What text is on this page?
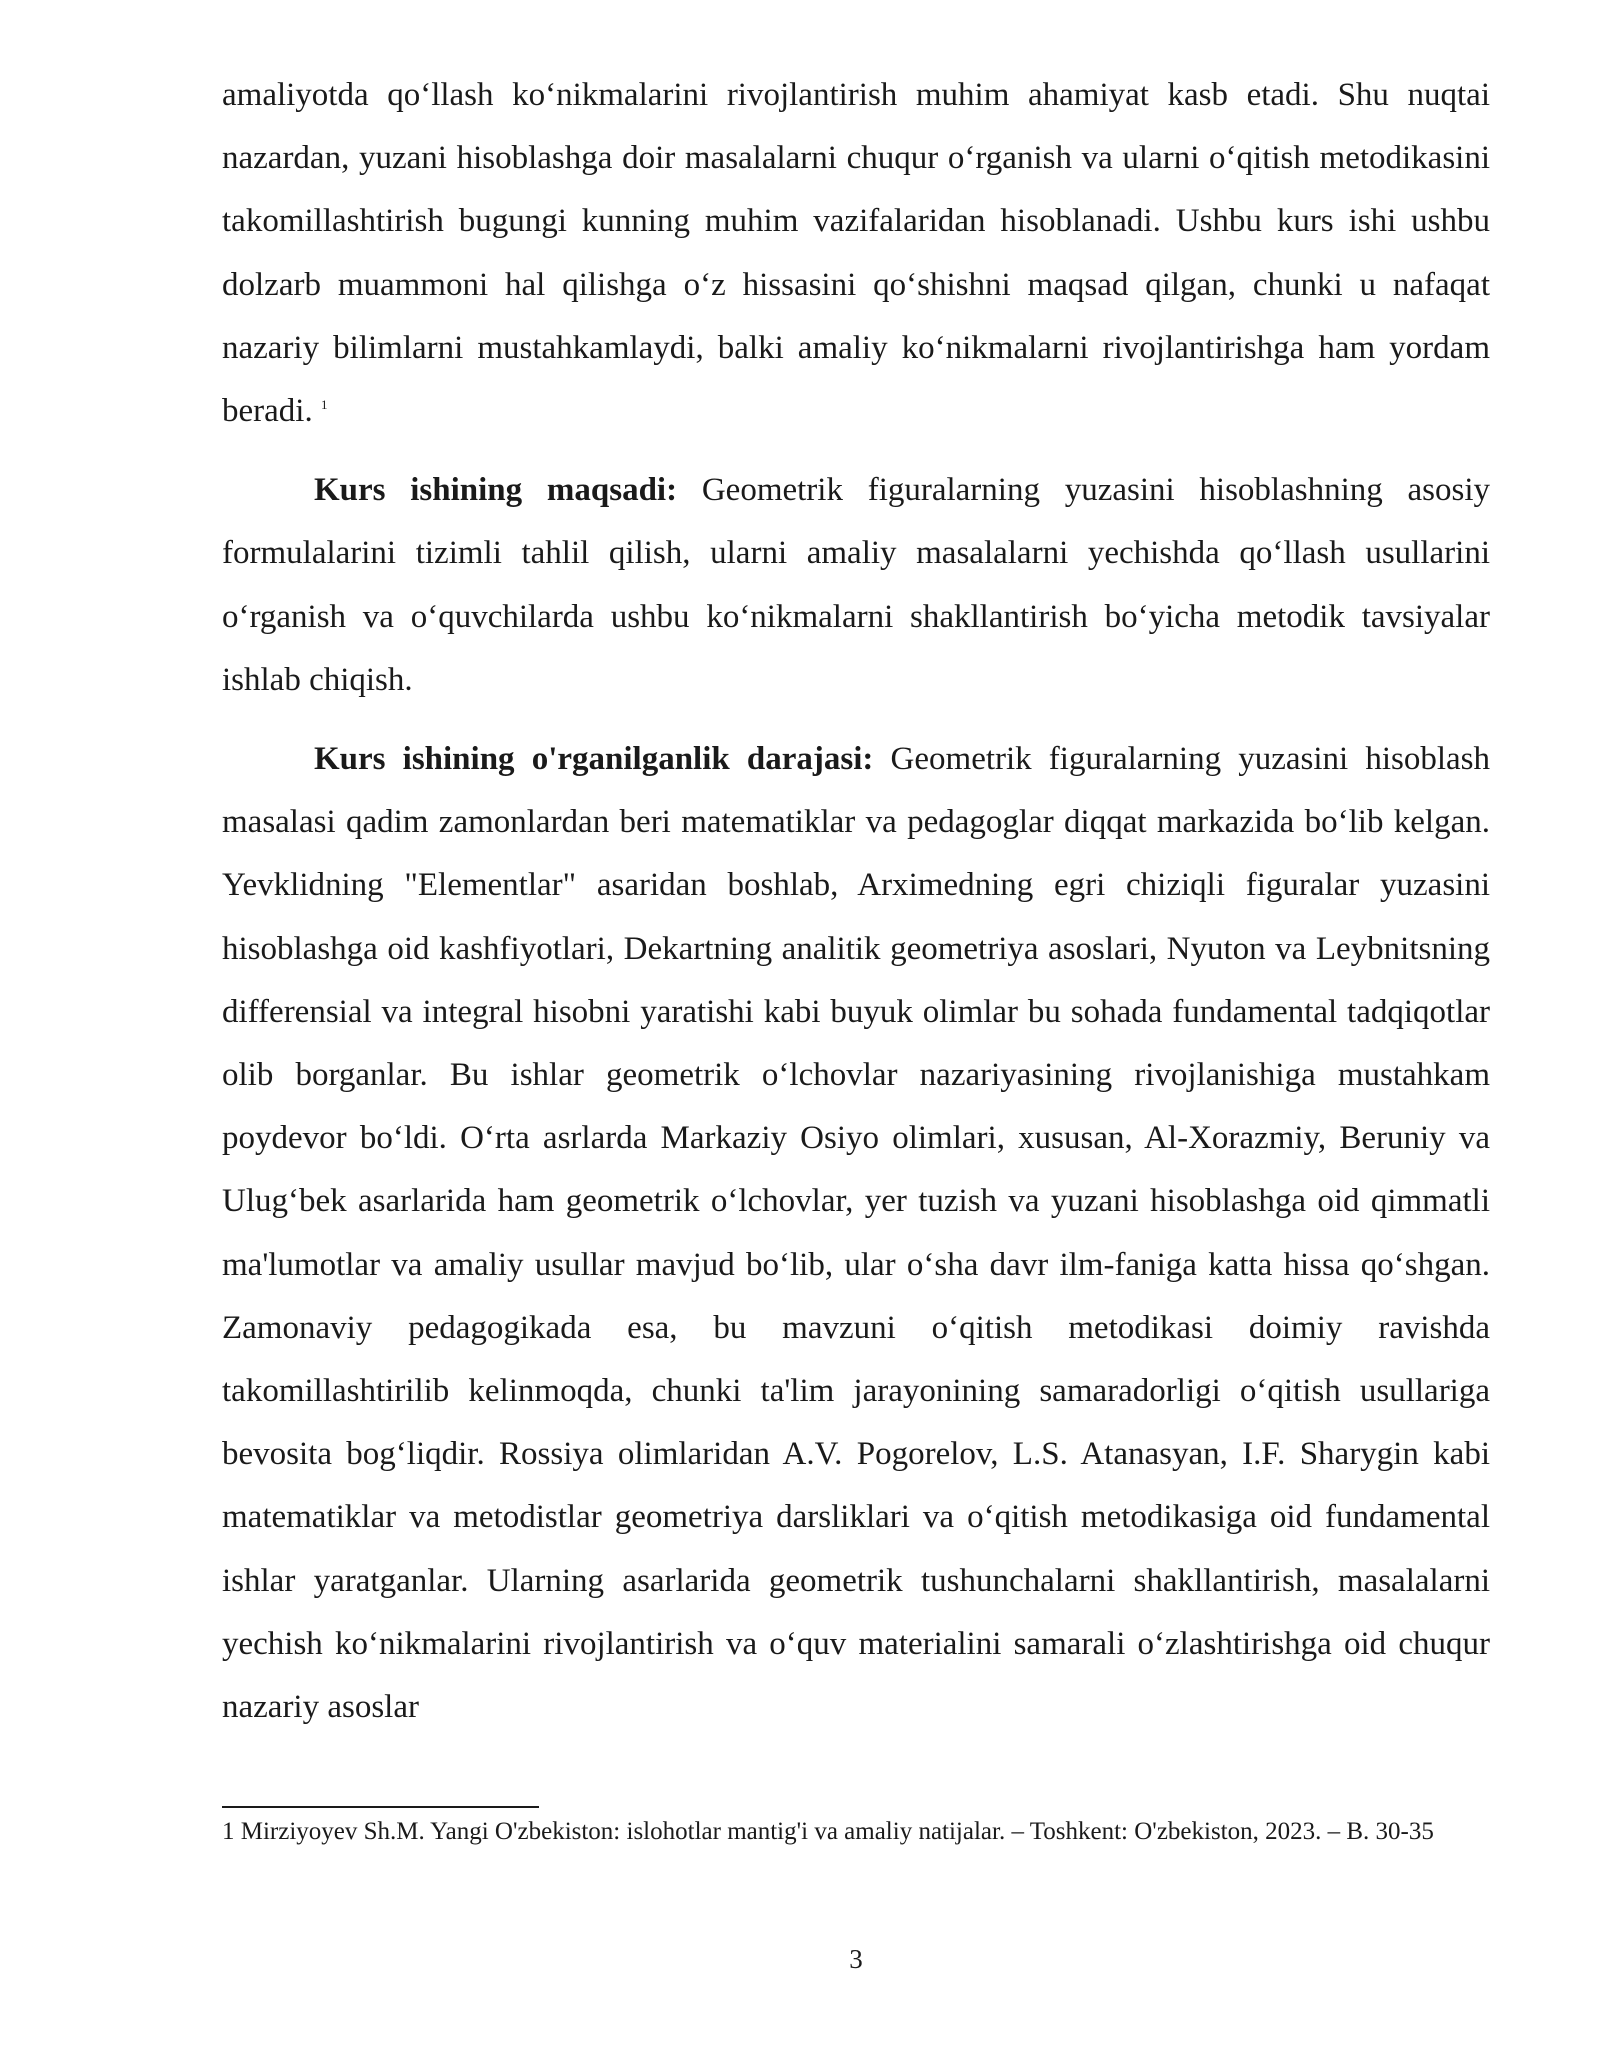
amaliyotda qo‘llash ko‘nikmalarini rivojlantirish muhim ahamiyat kasb etadi. Shu nuqtai nazardan, yuzani hisoblashga doir masalalarni chuqur o‘rganish va ularni o‘qitish metodikasini takomillashtirish bugungi kunning muhim vazifalaridan hisoblanadi. Ushbu kurs ishi ushbu dolzarb muammoni hal qilishga o‘z hissasini qo‘shishni maqsad qilgan, chunki u nafaqat nazariy bilimlarni mustahkamlaydi, balki amaliy ko‘nikmalarni rivojlantirishga ham yordam beradi. $^1$

Kurs ishining maqsadi: Geometrik figuralarning yuzasini hisoblashning asosiy formulalarini tizimli tahlil qilish, ularni amaliy masalalarni yechishda qo‘llash usullarini o‘rganish va o‘quvchilarda ushbu ko‘nikmalarni shakllantirish bo‘yicha metodik tavsiyalar ishlab chiqish.

Kurs ishining o'rganilganlik darajasi: Geometrik figuralarning yuzasini hisoblash masalasi qadim zamonlardan beri matematiklar va pedagoglar diqqat markazida bo‘lib kelgan. Yevklidning "Elementlar" asaridan boshlab, Arximedning egri chiziqli figuralar yuzasini hisoblashga oid kashfiyotlari, Dekartning analitik geometriya asoslari, Nyuton va Leybnitsning differensial va integral hisobni yaratishi kabi buyuk olimlar bu sohada fundamental tadqiqotlar olib borganlar. Bu ishlar geometrik o‘lchovlar nazariyasining rivojlanishiga mustahkam poydevor bo‘ldi. O‘rta asrlarda Markaziy Osiyo olimlari, xususan, Al-Xorazmiy, Beruniy va Ulug‘bek asarlarida ham geometrik o‘lchovlar, yer tuzish va yuzani hisoblashga oid qimmatli ma'lumotlar va amaliy usullar mavjud bo‘lib, ular o‘sha davr ilm-faniga katta hissa qo‘shgan. Zamonaviy pedagogikada esa, bu mavzuni o‘qitish metodikasi doimiy ravishda takomillashtirilib kelinmoqda, chunki ta'lim jarayonining samaradorligi o‘qitish usullariga bevosita bog‘liqdir. Rossiya olimlaridan A.V. Pogorelov, L.S. Atanasyan, I.F. Sharygin kabi matematiklar va metodistlar geometriya darsliklari va o‘qitish metodikasiga oid fundamental ishlar yaratganlar. Ularning asarlarida geometrik tushunchalarni shakllantirish, masalalarni yechish ko‘nikmalarini rivojlantirish va o‘quv materialini samarali o‘zlashtirishga oid chuqur nazariy asoslar

1 Mirziyoyev Sh.M. Yangi O'zbekiston: islohotlar mantig'i va amaliy natijalar. – Toshkent: O'zbekiston, 2023. – B. 30-35

3
